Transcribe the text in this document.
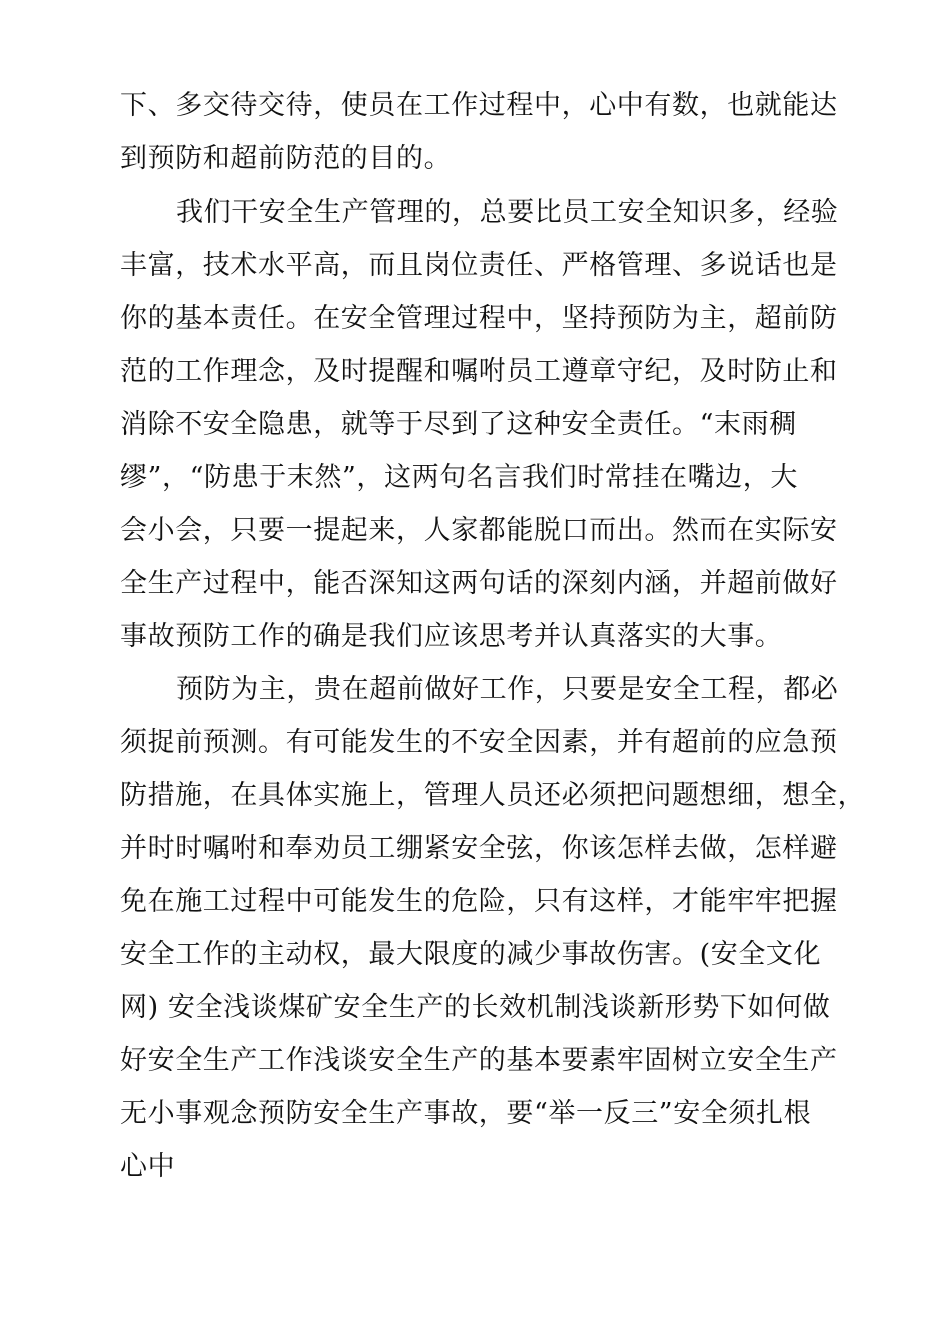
下、多交待交待，使员在工作过程中，心中有数，也就能达
到预防和超前防范的目的。
我们干安全生产管理的，总要比员工安全知识多，经验
丰富，技术水平高，而且岗位责任、严格管理、多说话也是
你的基本责任。在安全管理过程中，坚持预防为主，超前防
范的工作理念，及时提醒和嘱咐员工遵章守纪，及时防止和
消除不安全隐患，就等于尽到了这种安全责任。“末雨稠
缪”，“防患于末然”，这两句名言我们时常挂在嘴边，大
会小会，只要一提起来，人家都能脱口而出。然而在实际安
全生产过程中，能否深知这两句话的深刻内涵，并超前做好
事故预防工作的确是我们应该思考并认真落实的大事。
预防为主，贵在超前做好工作，只要是安全工程，都必
须捉前预测。有可能发生的不安全因素，并有超前的应急预
防措施，在具体实施上，管理人员还必须把问题想细，想全，
并时时嘱咐和奉劝员工绷紧安全弦，你该怎样去做，怎样避
免在施工过程中可能发生的危险，只有这样，才能牢牢把握
安全工作的主动权，最大限度的减少事故伤害。(安全文化
网) 安全浅谈煤矿安全生产的长效机制浅谈新形势下如何做
好安全生产工作浅谈安全生产的基本要素牢固树立安全生产
无小事观念预防安全生产事故，要“举一反三”安全须扎根
心中
